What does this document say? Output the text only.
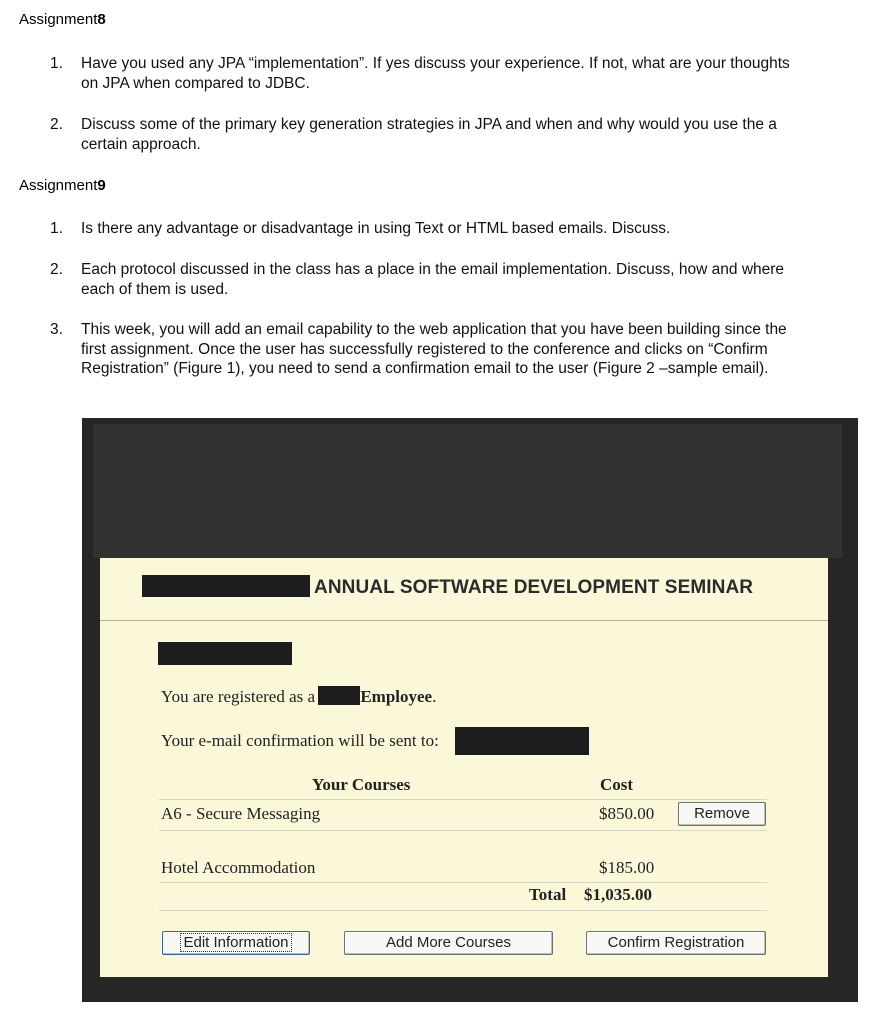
Assignment8
1.	Have you used any JPA “implementation”. If yes discuss your experience. If not, what are your thoughts on JPA when compared to JDBC.
2.	Discuss some of the primary key generation strategies in JPA and when and why would you use the a certain approach.
Assignment9
1.	Is there any advantage or disadvantage in using Text or HTML based emails. Discuss.
2.	Each protocol discussed in the class has a place in the email implementation. Discuss, how and where each of them is used.
3.	This week, you will add an email capability to the web application that you have been building since the first assignment. Once the user has successfully registered to the conference and clicks on “Confirm Registration” (Figure 1), you need to send a confirmation email to the user (Figure 2 –sample email).
ANNUAL SOFTWARE DEVELOPMENT SEMINAR
You are registered as a	Employee.
Your e-mail confirmation will be sent to:
Your Courses	Cost
A6 - Secure Messaging	$850.00	Remove
Hotel Accommodation	$185.00
Total $1,035.00
Edit Information	Add More Courses	Confirm Registration
